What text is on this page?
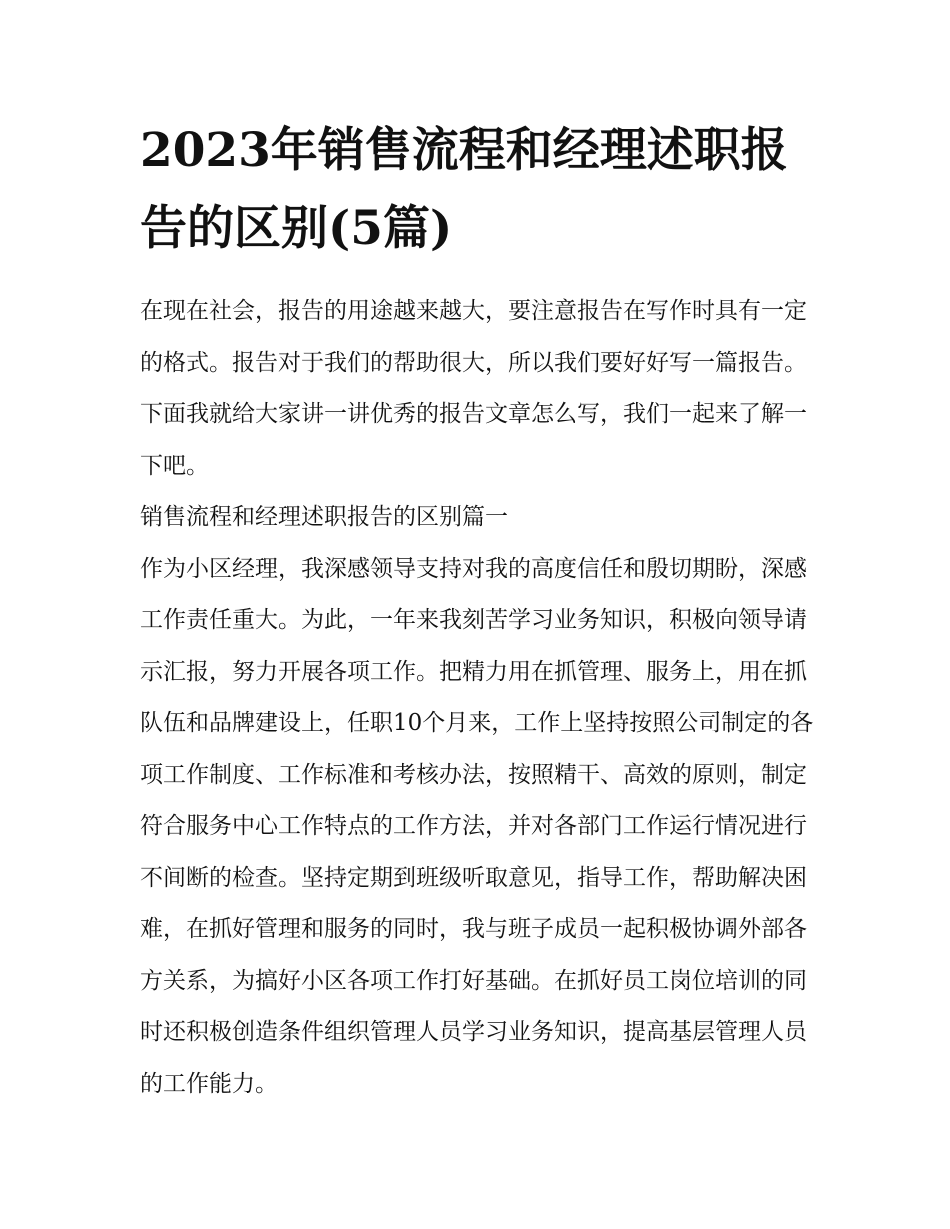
2023年销售流程和经理述职报告的区别(5篇)

在现在社会，报告的用途越来越大，要注意报告在写作时具有一定的格式。报告对于我们的帮助很大，所以我们要好好写一篇报告。下面我就给大家讲一讲优秀的报告文章怎么写，我们一起来了解一下吧。

销售流程和经理述职报告的区别篇一

作为小区经理，我深感领导支持对我的高度信任和殷切期盼，深感工作责任重大。为此，一年来我刻苦学习业务知识，积极向领导请示汇报，努力开展各项工作。把精力用在抓管理、服务上，用在抓队伍和品牌建设上，任职10个月来，工作上坚持按照公司制定的各项工作制度、工作标准和考核办法，按照精干、高效的原则，制定符合服务中心工作特点的工作方法，并对各部门工作运行情况进行不间断的检查。坚持定期到班级听取意见，指导工作，帮助解决困难，在抓好管理和服务的同时，我与班子成员一起积极协调外部各方关系，为搞好小区各项工作打好基础。在抓好员工岗位培训的同时还积极创造条件组织管理人员学习业务知识，提高基层管理人员的工作能力。
